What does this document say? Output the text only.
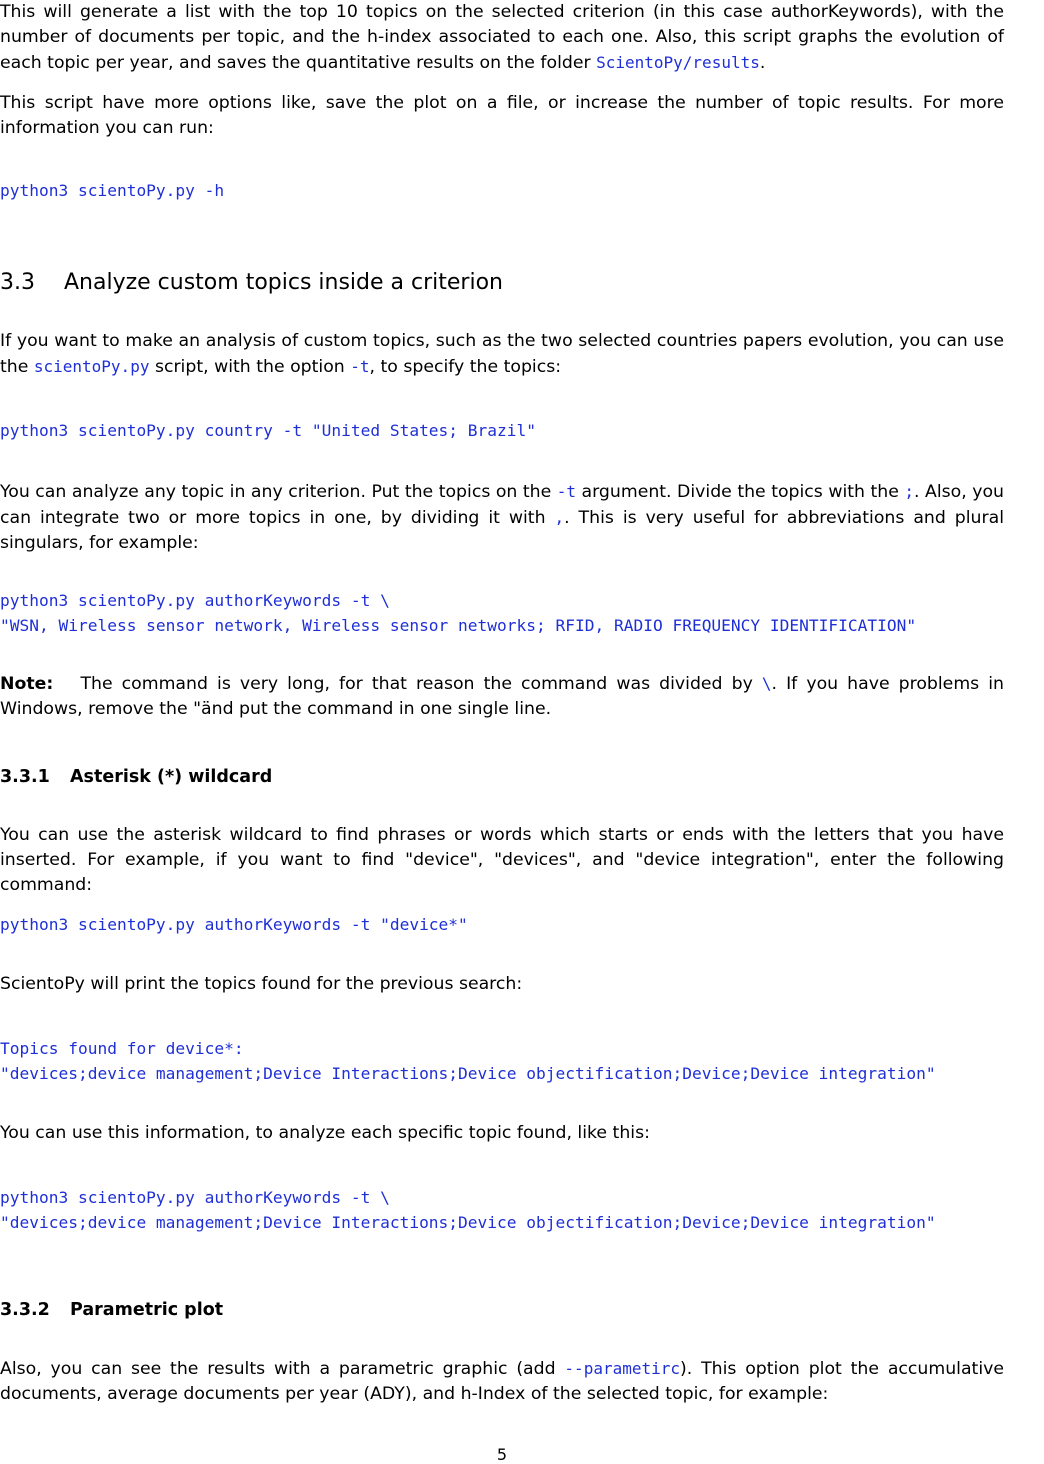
This will generate a list with the top 10 topics on the selected criterion (in this case authorKeywords), with the number of documents per topic, and the h-index associated to each one. Also, this script graphs the evolution of each topic per year, and saves the quantitative results on the folder ScientoPy/results.

This script have more options like, save the plot on a file, or increase the number of topic results. For more information you can run:

python3 scientoPy.py -h
3.3 Analyze custom topics inside a criterion

If you want to make an analysis of custom topics, such as the two selected countries papers evolution, you can use the scientoPy.py script, with the option -t, to specify the topics:

python3 scientoPy.py country -t "United States; Brazil"

You can analyze any topic in any criterion. Put the topics on the -t argument. Divide the topics with the ;. Also, you can integrate two or more topics in one, by dividing it with ,. This is very useful for abbreviations and plural singulars, for example:

python3 scientoPy.py authorKeywords -t \
"WSN, Wireless sensor network, Wireless sensor networks; RFID, RADIO FREQUENCY IDENTIFICATION"

Note: The command is very long, for that reason the command was divided by \. If you have problems in Windows, remove the "änd put the command in one single line.

3.3.1 Asterisk (*) wildcard

You can use the asterisk wildcard to find phrases or words which starts or ends with the letters that you have inserted. For example, if you want to find "device", "devices", and "device integration", enter the following command:

python3 scientoPy.py authorKeywords -t "device*"

ScientoPy will print the topics found for the previous search:

Topics found for device*:
"devices;device management;Device Interactions;Device objectification;Device;Device integration"

You can use this information, to analyze each specific topic found, like this:

python3 scientoPy.py authorKeywords -t \
"devices;device management;Device Interactions;Device objectification;Device;Device integration"
3.3.2 Parametric plot

Also, you can see the results with a parametric graphic (add --parametirc). This option plot the accumulative documents, average documents per year (ADY), and h-Index of the selected topic, for example:

5
